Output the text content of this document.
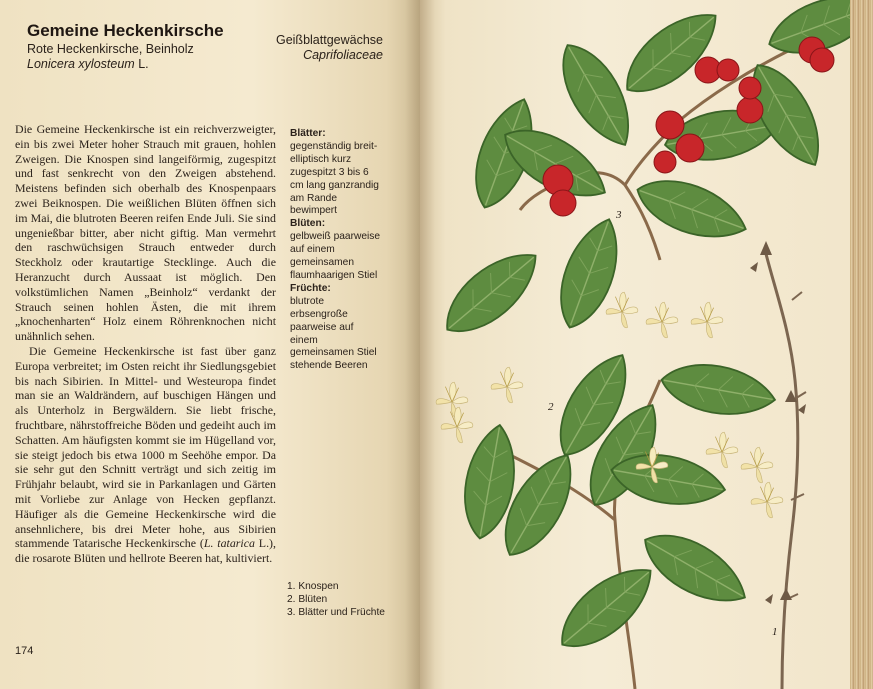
Gemeine Heckenkirsche
Rote Heckenkirsche, Beinholz
Lonicera xylosteum L.
Geißblattgewächse
Caprifoliaceae

Die Gemeine Heckenkirsche ist ein reichverzweigter, ein bis zwei Meter hoher Strauch mit grauen, hohlen Zweigen. Die Knospen sind langeiförmig, zugespitzt und fast senkrecht von den Zweigen abstehend. Meistens befinden sich oberhalb des Knospenpaars zwei Beiknospen. Die weißlichen Blüten öffnen sich im Mai, die blutroten Beeren reifen Ende Juli. Sie sind ungenießbar bitter, aber nicht giftig. Man vermehrt den raschwüchsigen Strauch entweder durch Steckholz oder krautartige Stecklinge. Auch die Heranzucht durch Aussaat ist möglich. Den volkstümlichen Namen „Beinholz“ verdankt der Strauch seinen hohlen Ästen, die mit ihrem „knochenharten“ Holz einem Röhrenknochen nicht unähnlich sehen.

Die Gemeine Heckenkirsche ist fast über ganz Europa verbreitet; im Osten reicht ihr Siedlungsgebiet bis nach Sibirien. In Mittel- und Westeuropa findet man sie an Waldrändern, auf buschigen Hängen und als Unterholz in Bergwäldern. Sie liebt frische, fruchtbare, nährstoffreiche Böden und gedeiht auch im Schatten. Am häufigsten kommt sie im Hügelland vor, sie steigt jedoch bis etwa 1000 m Seehöhe empor. Da sie sehr gut den Schnitt verträgt und sich zeitig im Frühjahr belaubt, wird sie in Parkanlagen und Gärten mit Vorliebe zur Anlage von Hecken gepflanzt. Häufiger als die Gemeine Heckenkirsche wird die ansehnlichere, bis drei Meter hohe, aus Sibirien stammende Tatarische Heckenkirsche (L. tatarica L.), die rosarote Blüten und hellrote Beeren hat, kultiviert.

Blätter:
gegenständig breit-elliptisch kurz zugespitzt 3 bis 6 cm lang ganzrandig am Rande bewimpert
Blüten:
gelbweiß paarweise auf einem gemeinsamen flaumhaarigen Stiel
Früchte:
blutrote erbsengroße paarweise auf einem gemeinsamen Stiel stehende Beeren
1. Knospen
2. Blüten
3. Blätter und Früchte
174
3
2
1
